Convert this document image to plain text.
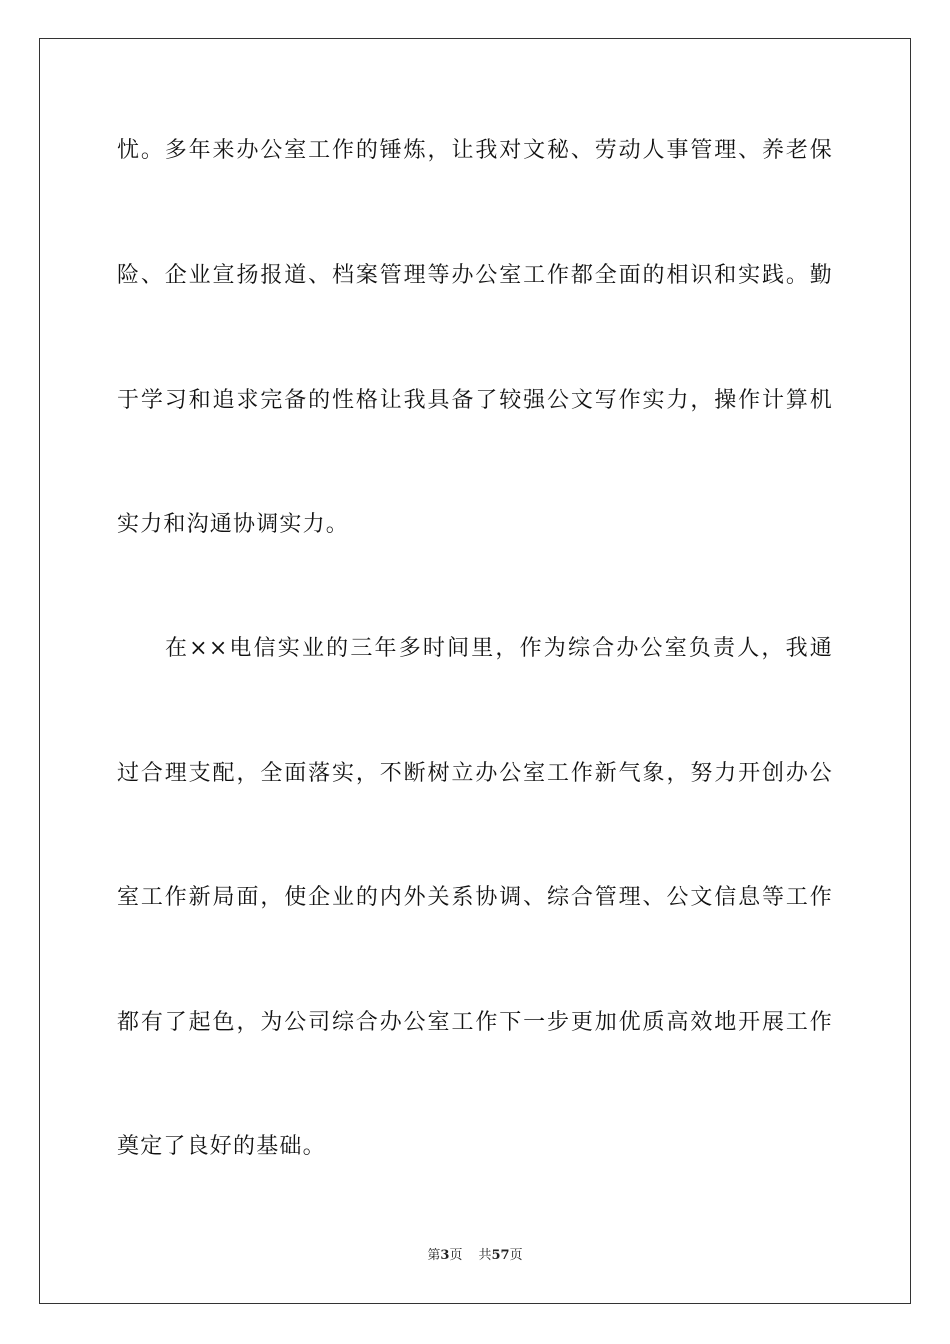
忧。多年来办公室工作的锤炼，让我对文秘、劳动人事管理、养老保
险、企业宣扬报道、档案管理等办公室工作都全面的相识和实践。勤
于学习和追求完备的性格让我具备了较强公文写作实力，操作计算机
实力和沟通协调实力。
在××电信实业的三年多时间里，作为综合办公室负责人，我通
过合理支配，全面落实，不断树立办公室工作新气象，努力开创办公
室工作新局面，使企业的内外关系协调、综合管理、公文信息等工作
都有了起色，为公司综合办公室工作下一步更加优质高效地开展工作
奠定了良好的基础。
第3页 共57页
